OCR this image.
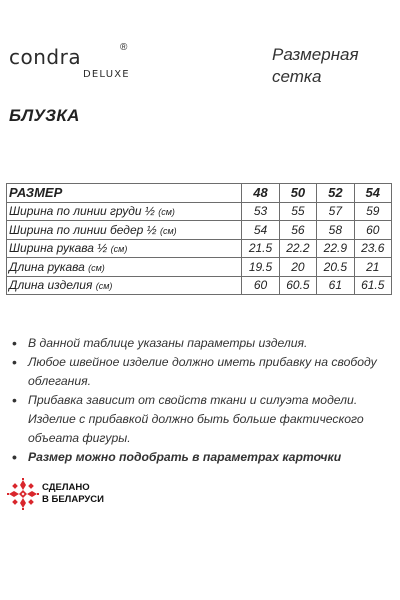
condra	®
DELUXE
Размерная
сетка
БЛУЗКА
РАЗМЕР	48	50	52	54
Ширина по линии груди ½ (см)	53	55	57	59
Ширина по линии бедер ½ (см)	54	56	58	60
Ширина рукава ½ (см)	21.5	22.2	22.9	23.6
Длина рукава (см)	19.5	20	20.5	21
Длина изделия (см)	60	60.5	61	61.5
• В данной таблице указаны параметры изделия.
• Любое швейное изделие должно иметь прибавку на свободу облегания.
• Прибавка зависит от свойств ткани и силуэта модели. Изделие с прибавкой должно быть больше фактического объеата фигуры.
• Размер можно подобрать в параметрах карточки
СДЕЛАНО
В БЕЛАРУСИ
